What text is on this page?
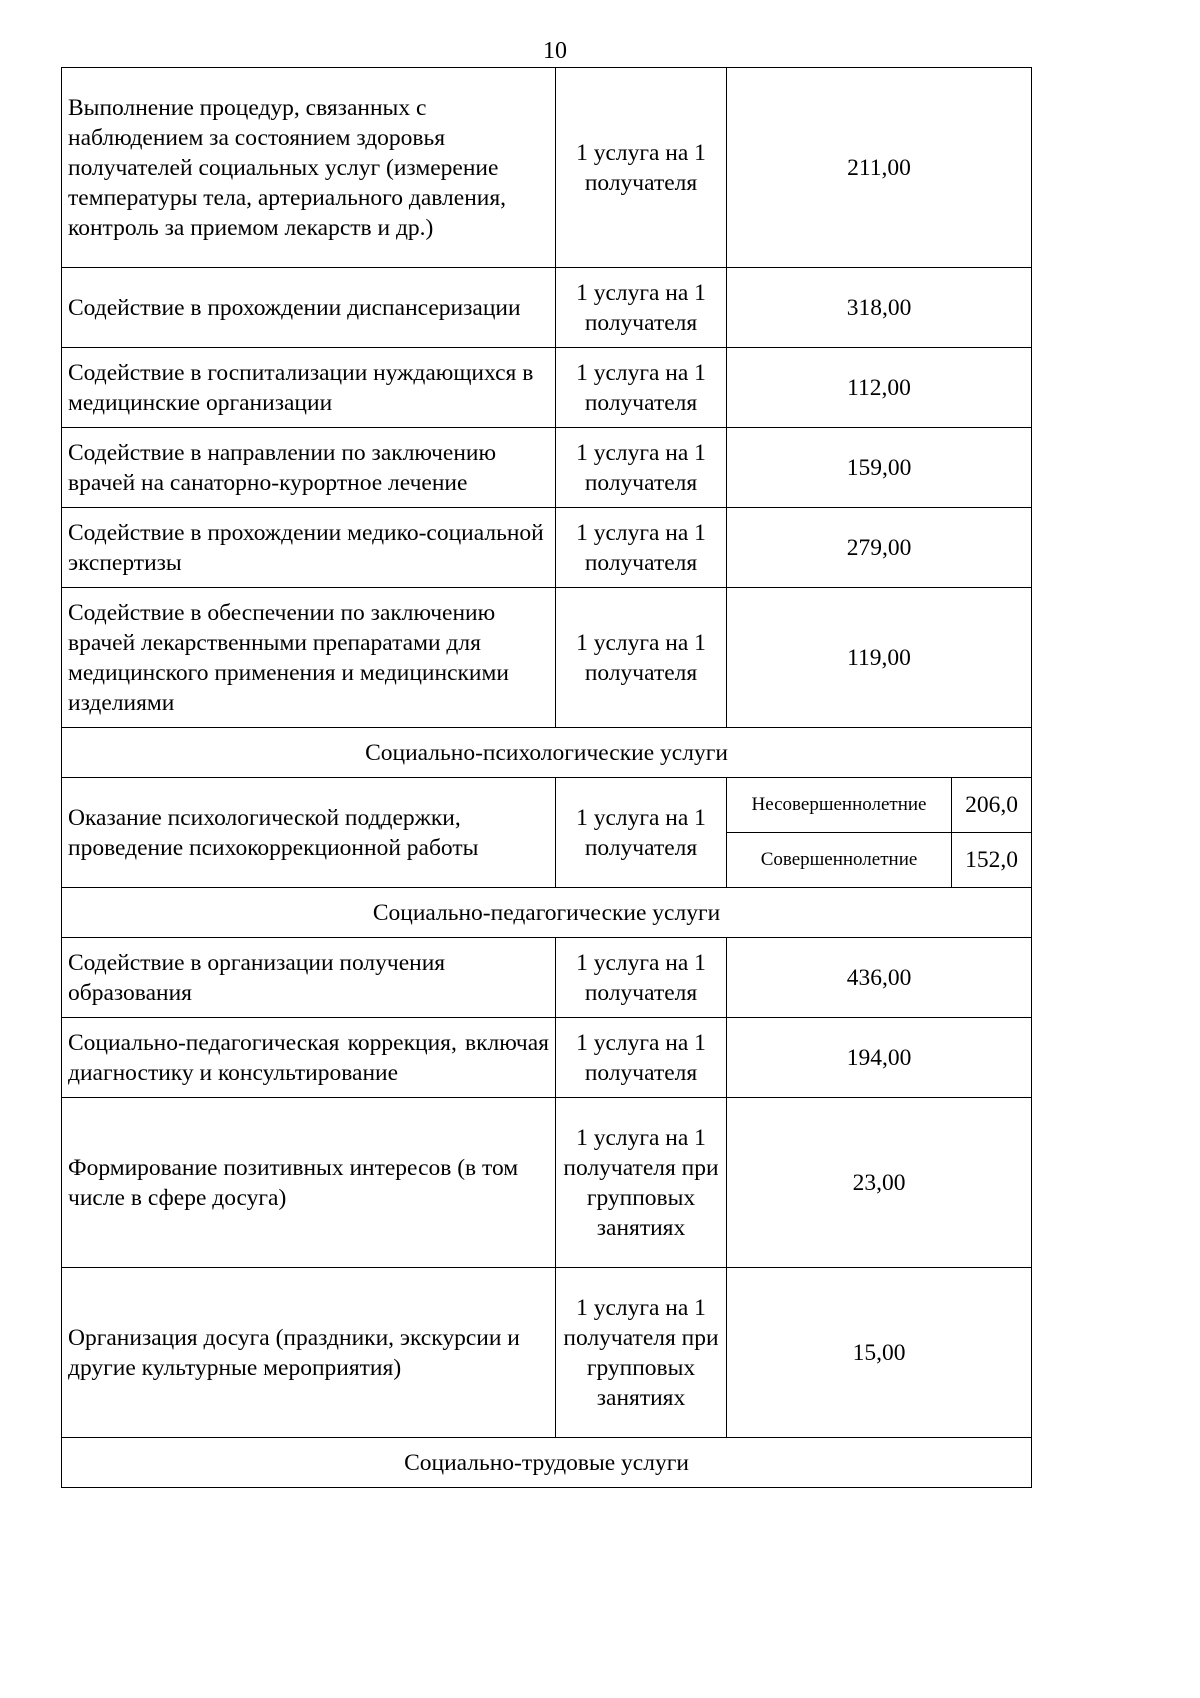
10
Выполнение процедур, связанных с наблюдением за состоянием здоровья получателей социальных услуг (измерение температуры тела, артериального давления, контроль за приемом лекарств и др.)	1 услуга на 1 получателя	211,00	
Содействие в прохождении диспансеризации	1 услуга на 1 получателя	318,00	
Содействие в госпитализации нуждающихся в медицинские организации	1 услуга на 1 получателя	112,00	
Содействие в направлении по заключению врачей на санаторно-курортное лечение	1 услуга на 1 получателя	159,00	
Содействие в прохождении медико-социальной экспертизы	1 услуга на 1 получателя	279,00	
Содействие в обеспечении по заключению врачей лекарственными препаратами для медицинского применения и медицинскими изделиями	1 услуга на 1 получателя	119,00	
Социально-психологические услуги			
Оказание психологической поддержки, проведение психокоррекционной работы	1 услуга на 1 получателя	Несовершеннолетние	206,0
		Совершеннолетние	152,0
Социально-педагогические услуги			
Содействие в организации получения образования	1 услуга на 1 получателя	436,00	
Социально-педагогическая коррекция, включая диагностику и консультирование	1 услуга на 1 получателя	194,00	
Формирование позитивных интересов (в том числе в сфере досуга)	1 услуга на 1 получателя при групповых занятиях	23,00	
Организация досуга (праздники, экскурсии и другие культурные мероприятия)	1 услуга на 1 получателя при групповых занятиях	15,00	
Социально-трудовые услуги			
